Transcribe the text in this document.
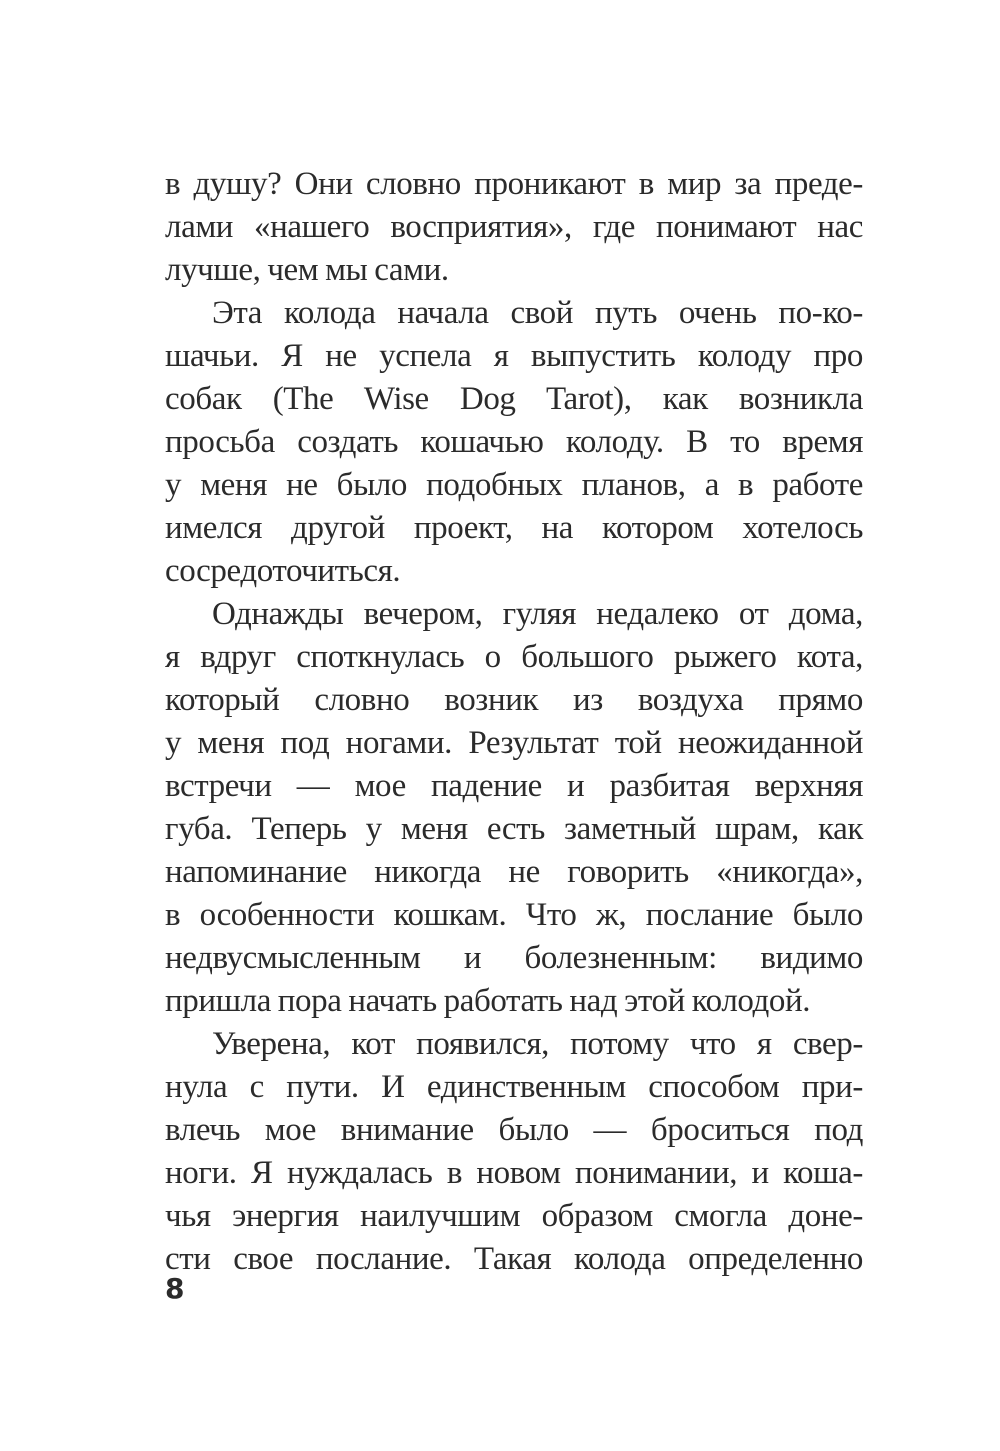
в душу? Они словно проникают в мир за преде-
лами «нашего восприятия», где понимают нас
лучше, чем мы сами.
Эта колода начала свой путь очень по-ко-
шачьи. Я не успела я выпустить колоду про
собак (The Wise Dog Tarot), как возникла
просьба создать кошачью колоду. В то время
у меня не было подобных планов, а в работе
имелся другой проект, на котором хотелось
сосредоточиться.
Однажды вечером, гуляя недалеко от дома,
я вдруг споткнулась о большого рыжего кота,
который словно возник из воздуха прямо
у меня под ногами. Результат той неожиданной
встречи — мое падение и разбитая верхняя
губа. Теперь у меня есть заметный шрам, как
напоминание никогда не говорить «никогда»,
в особенности кошкам. Что ж, послание было
недвусмысленным и болезненным: видимо
пришла пора начать работать над этой колодой.
Уверена, кот появился, потому что я свер-
нула с пути. И единственным способом при-
влечь мое внимание было — броситься под
ноги. Я нуждалась в новом понимании, и коша-
чья энергия наилучшим образом смогла доне-
сти свое послание. Такая колода определенно
8
